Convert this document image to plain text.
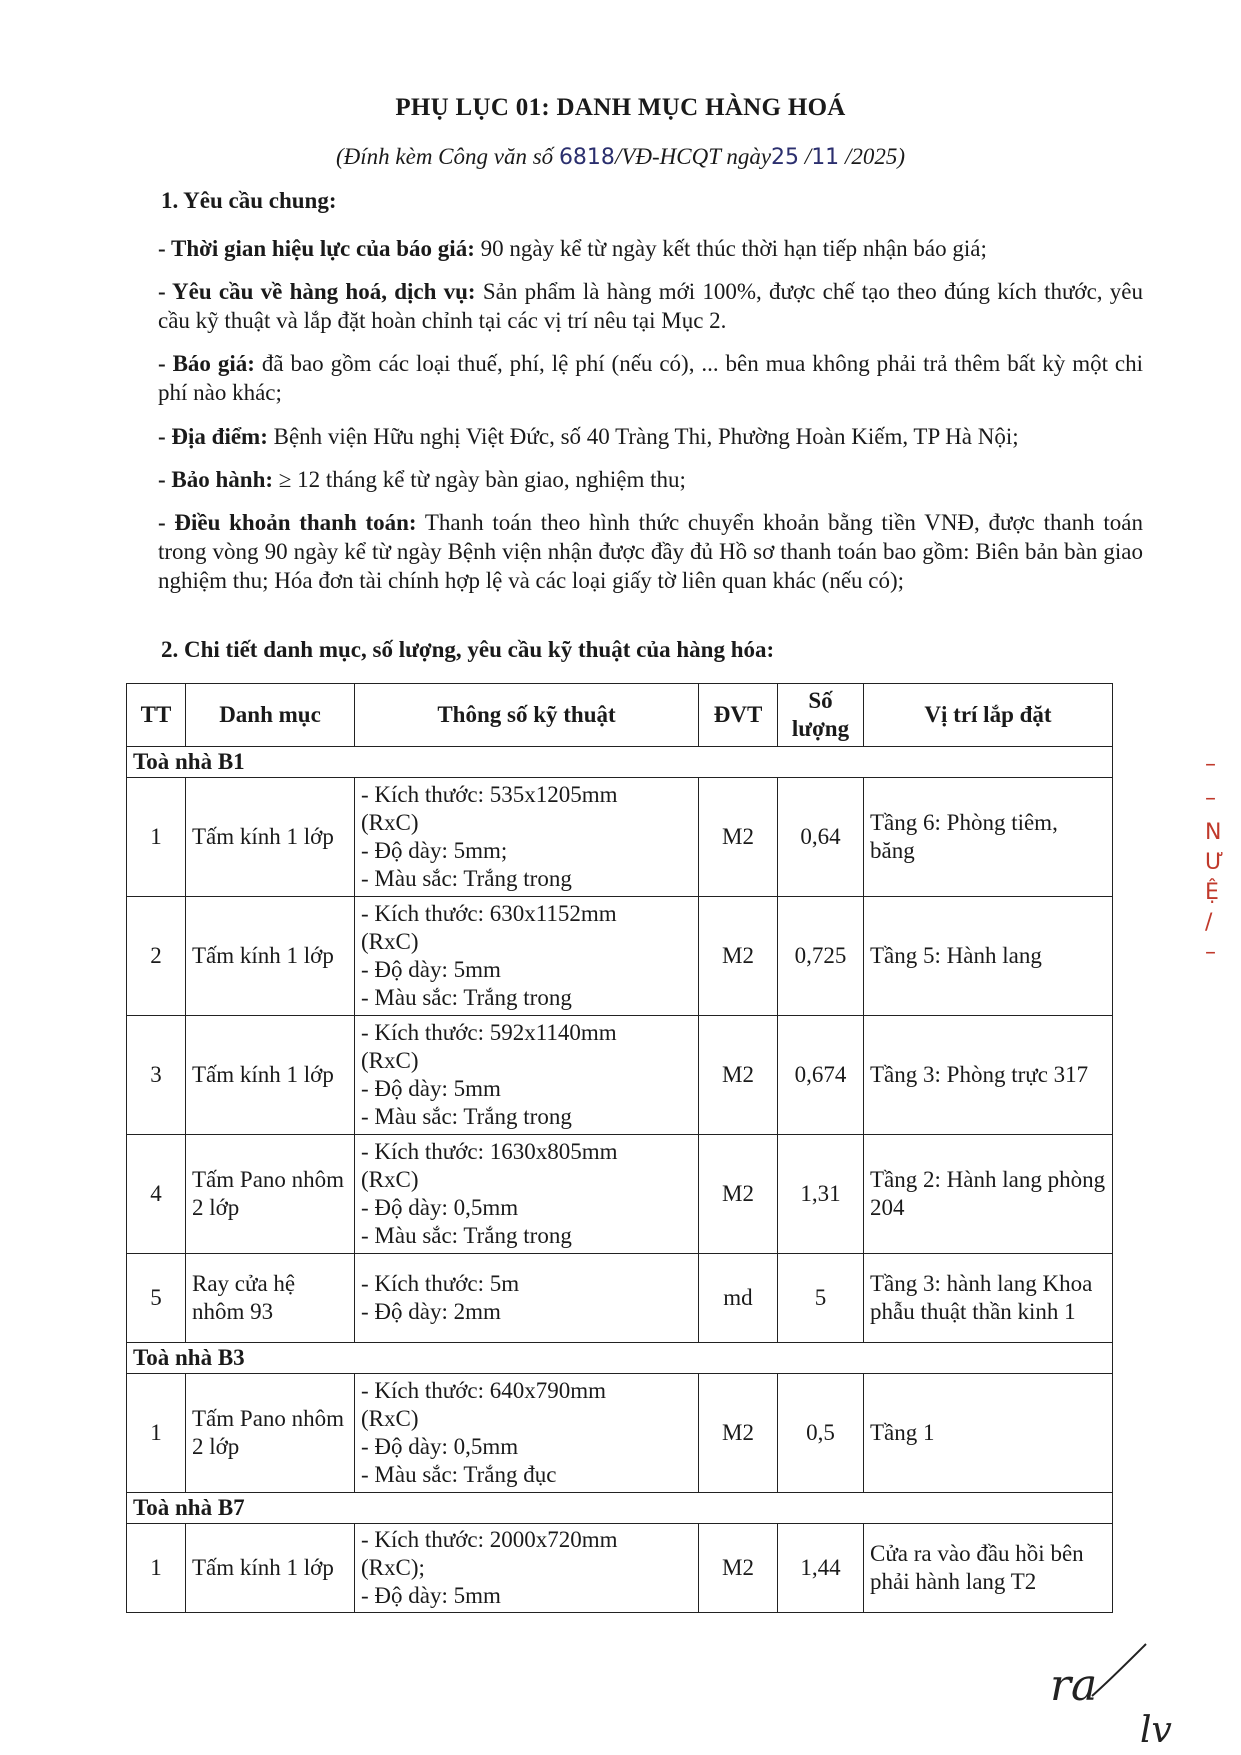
PHỤ LỤC 01: DANH MỤC HÀNG HOÁ
(Đính kèm Công văn số 6818/VĐ-HCQT ngày25 /11 /2025)
1. Yêu cầu chung:
- Thời gian hiệu lực của báo giá: 90 ngày kể từ ngày kết thúc thời hạn tiếp nhận báo giá;
- Yêu cầu về hàng hoá, dịch vụ: Sản phẩm là hàng mới 100%, được chế tạo theo đúng kích thước, yêu cầu kỹ thuật và lắp đặt hoàn chỉnh tại các vị trí nêu tại Mục 2.
- Báo giá: đã bao gồm các loại thuế, phí, lệ phí (nếu có), ... bên mua không phải trả thêm bất kỳ một chi phí nào khác;
- Địa điểm: Bệnh viện Hữu nghị Việt Đức, số 40 Tràng Thi, Phường Hoàn Kiếm, TP Hà Nội;
- Bảo hành: ≥ 12 tháng kể từ ngày bàn giao, nghiệm thu;
- Điều khoản thanh toán: Thanh toán theo hình thức chuyển khoản bằng tiền VNĐ, được thanh toán trong vòng 90 ngày kể từ ngày Bệnh viện nhận được đầy đủ Hồ sơ thanh toán bao gồm: Biên bản bàn giao nghiệm thu; Hóa đơn tài chính hợp lệ và các loại giấy tờ liên quan khác (nếu có);
2. Chi tiết danh mục, số lượng, yêu cầu kỹ thuật của hàng hóa:
TT	Danh mục	Thông số kỹ thuật	ĐVT	Số lượng	Vị trí lắp đặt
Toà nhà B1					
1	Tấm kính 1 lớp	- Kích thước: 535x1205mm
(RxC)
- Độ dày: 5mm;
- Màu sắc: Trắng trong	M2	0,64	Tầng 6: Phòng tiêm, băng
2	Tấm kính 1 lớp	- Kích thước: 630x1152mm
(RxC)
- Độ dày: 5mm
- Màu sắc: Trắng trong	M2	0,725	Tầng 5: Hành lang
3	Tấm kính 1 lớp	- Kích thước: 592x1140mm
(RxC)
- Độ dày: 5mm
- Màu sắc: Trắng trong	M2	0,674	Tầng 3: Phòng trực 317
4	Tấm Pano nhôm 2 lớp	- Kích thước: 1630x805mm
(RxC)
- Độ dày: 0,5mm
- Màu sắc: Trắng trong	M2	1,31	Tầng 2: Hành lang phòng 204
5	Ray cửa hệ nhôm 93	- Kích thước: 5m
- Độ dày: 2mm	md	5	Tầng 3: hành lang Khoa phẫu thuật thần kinh 1
Toà nhà B3					
1	Tấm Pano nhôm 2 lớp	- Kích thước: 640x790mm
(RxC)
- Độ dày: 0,5mm
- Màu sắc: Trắng đục	M2	0,5	Tầng 1
Toà nhà B7					
1	Tấm kính 1 lớp	- Kích thước: 2000x720mm
(RxC);
- Độ dày: 5mm	M2	1,44	Cửa ra vào đầu hồi bên phải hành lang T2
–
–
N
Ư
Ệ
/
–
ra
lv
